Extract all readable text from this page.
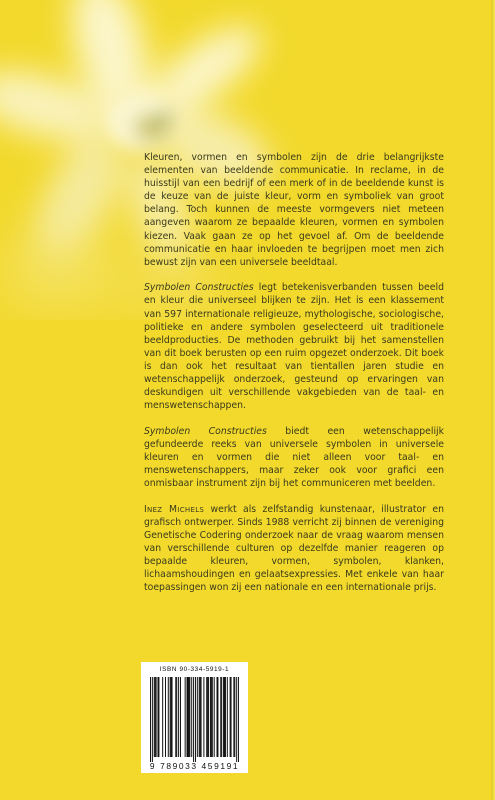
Kleuren, vormen en symbolen zijn de drie belangrijkste elementen van beeldende communicatie. In reclame, in de huisstijl van een bedrijf of een merk of in de beeldende kunst is de keuze van de juiste kleur, vorm en symboliek van groot belang. Toch kunnen de meeste vormgevers niet meteen aangeven waarom ze bepaalde kleuren, vormen en symbolen kiezen. Vaak gaan ze op het gevoel af. Om de beeldende communicatie en haar invloeden te begrijpen moet men zich bewust zijn van een universele beeldtaal.

Symbolen Constructies legt betekenisverbanden tussen beeld en kleur die universeel blijken te zijn. Het is een klassement van 597 internationale religieuze, mythologische, sociologische, politieke en andere symbolen geselecteerd uit traditionele beeldproducties. De methoden gebruikt bij het samenstellen van dit boek berusten op een ruim opgezet onderzoek. Dit boek is dan ook het resultaat van tientallen jaren studie en wetenschappelijk onderzoek, gesteund op ervaringen van deskundigen uit verschillende vakgebieden van de taal- en menswetenschappen.

Symbolen Constructies biedt een wetenschappelijk gefundeerde reeks van universele symbolen in universele kleuren en vormen die niet alleen voor taal- en menswetenschappers, maar zeker ook voor grafici een onmisbaar instrument zijn bij het communiceren met beelden.

Inez Michels werkt als zelfstandig kunstenaar, illustrator en grafisch ontwerper. Sinds 1988 verricht zij binnen de vereniging Genetische Codering onderzoek naar de vraag waarom mensen van verschillende culturen op dezelfde manier reageren op bepaalde kleuren, vormen, symbolen, klanken, lichaamshoudingen en gelaatsexpressies. Met enkele van haar toepassingen won zij een nationale en een internationale prijs.

ISBN 90-334-5919-1
9 789033 459191
